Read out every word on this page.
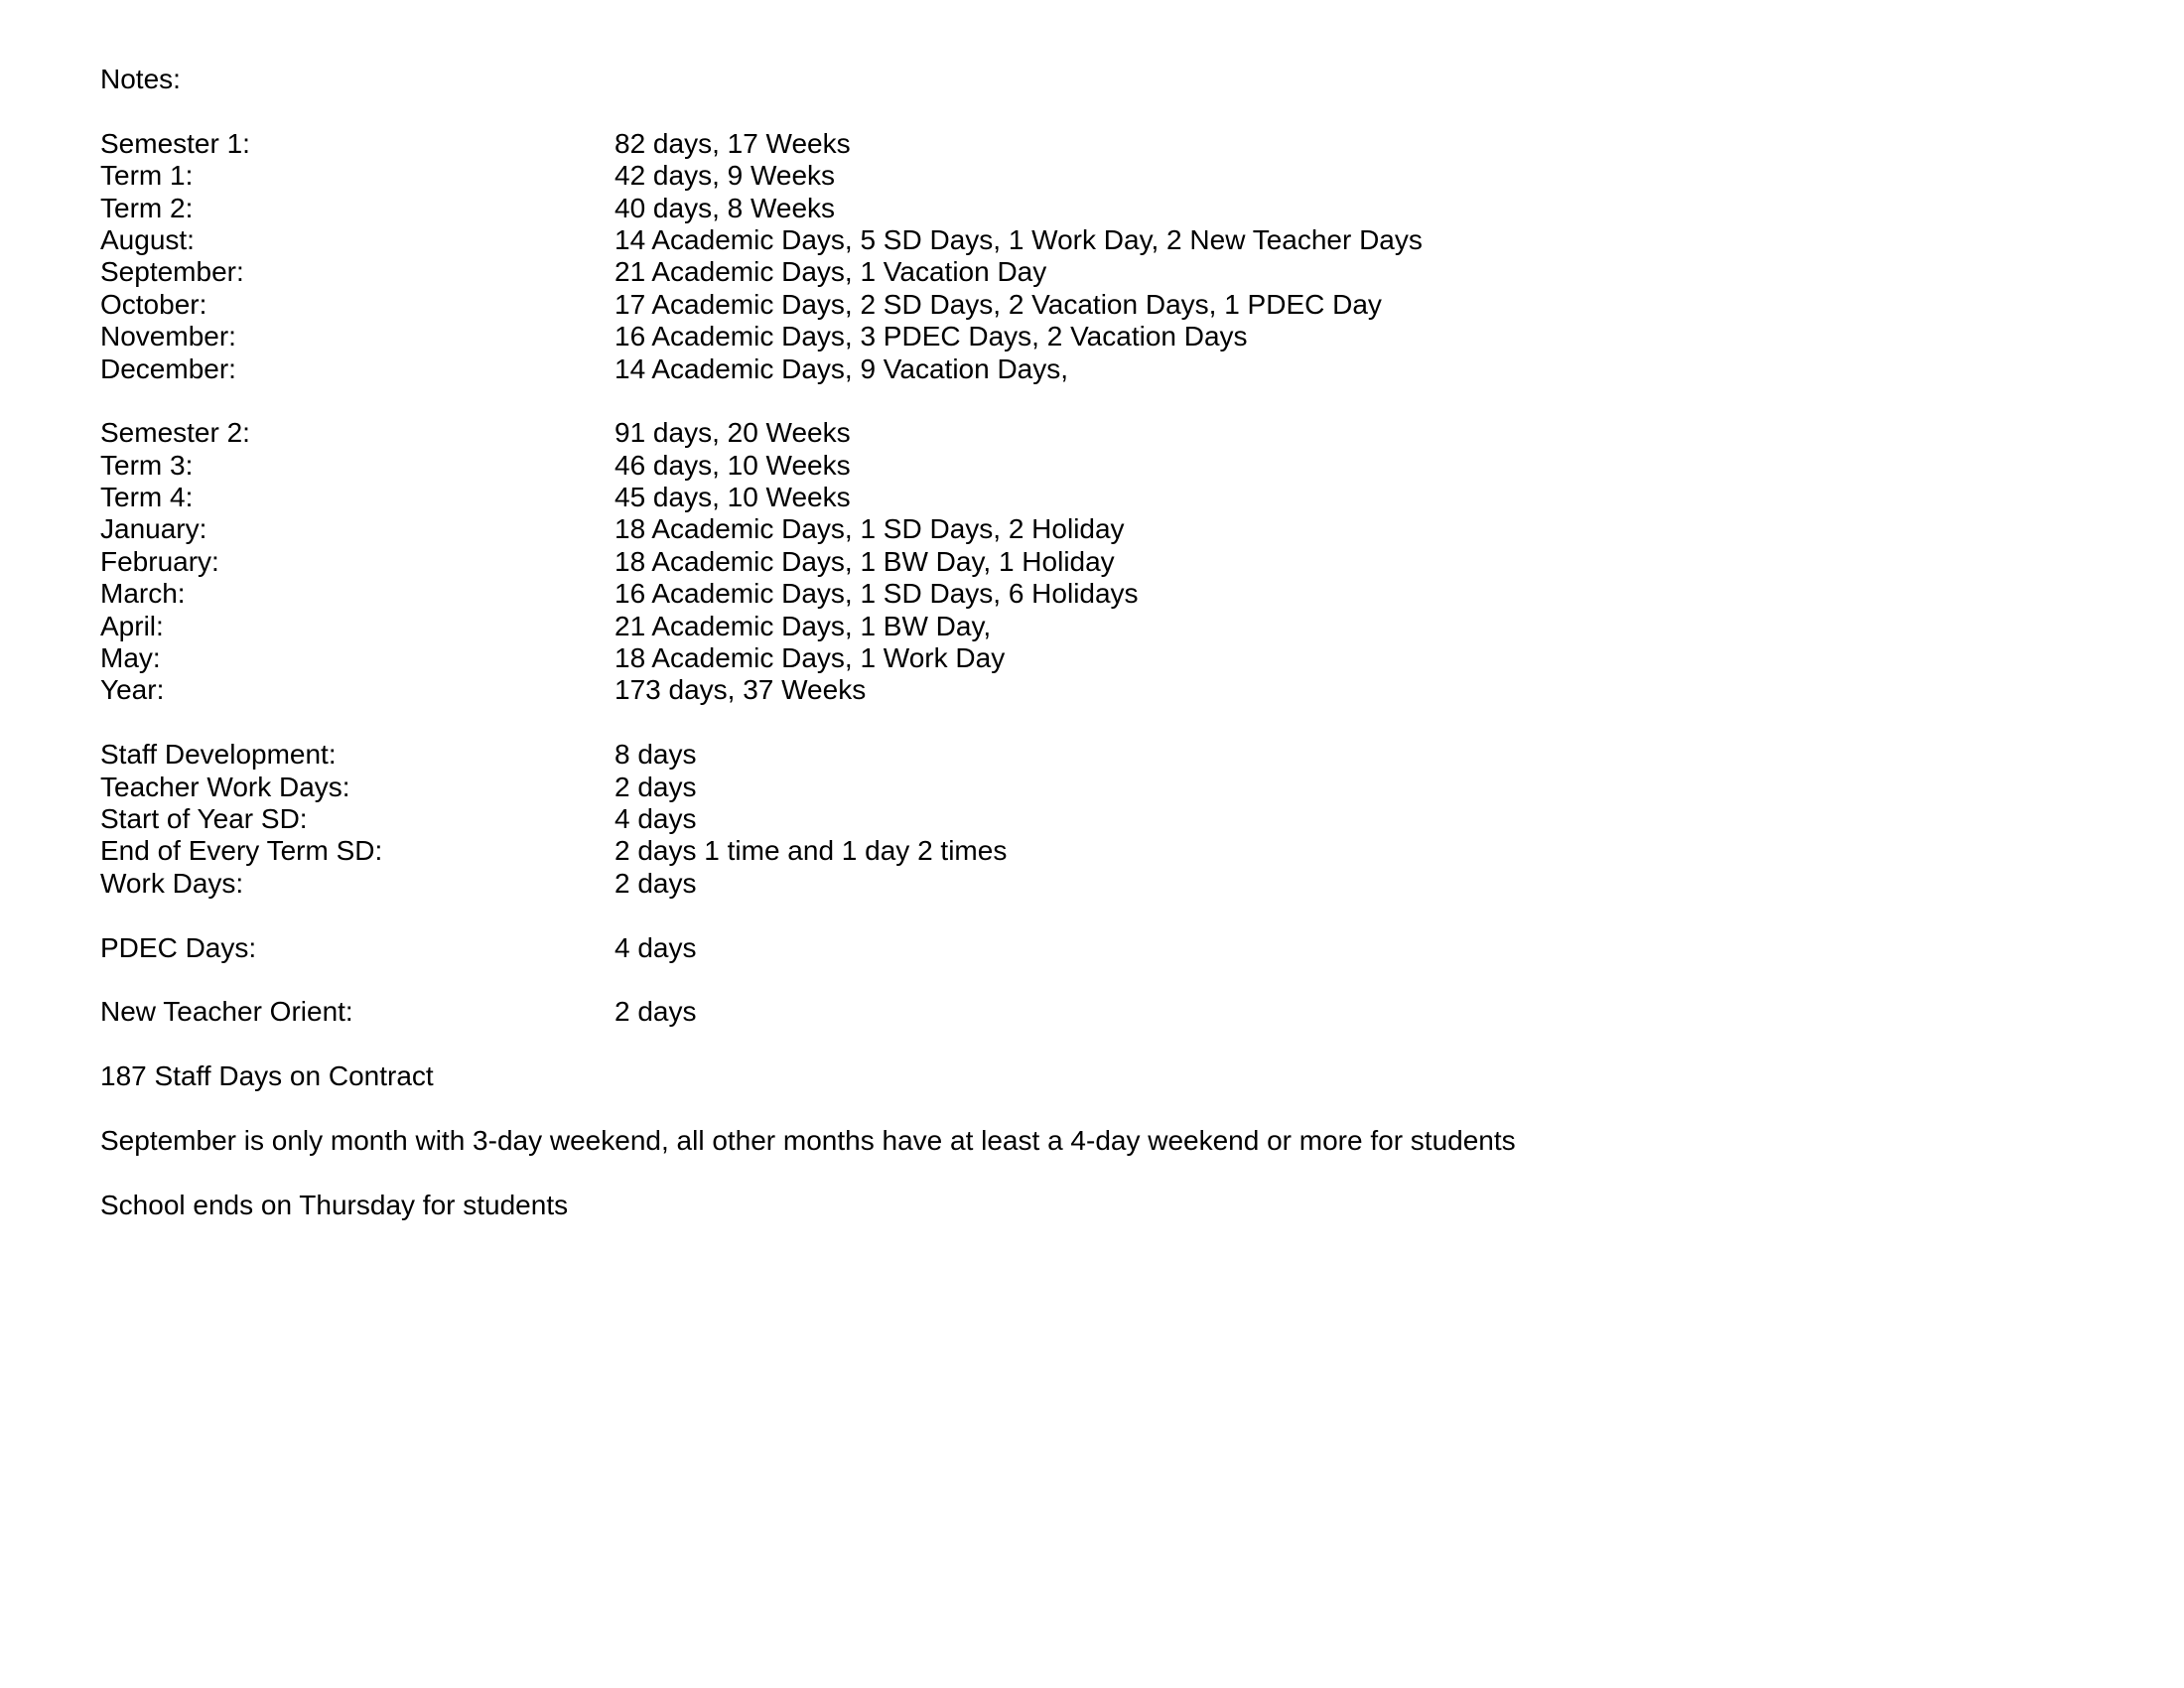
Notes:
Semester 1:	82 days, 17 Weeks
Term 1:	42 days, 9 Weeks
Term 2:	40 days, 8 Weeks
August:	14 Academic Days, 5 SD Days, 1 Work Day, 2 New Teacher Days
September:	21 Academic Days, 1 Vacation Day
October:	17 Academic Days, 2 SD Days, 2 Vacation Days, 1 PDEC Day
November:	16 Academic Days, 3 PDEC Days, 2 Vacation Days
December:	14 Academic Days, 9 Vacation Days,
Semester 2:	91 days, 20 Weeks
Term 3:	46 days, 10 Weeks
Term 4:	45 days, 10 Weeks
January:	18 Academic Days, 1 SD Days, 2 Holiday
February:	18 Academic Days, 1 BW Day, 1 Holiday
March:	16 Academic Days, 1 SD Days, 6 Holidays
April:	21 Academic Days, 1 BW Day,
May:	18 Academic Days, 1 Work Day
Year:	173 days, 37 Weeks
Staff Development:	8 days
Teacher Work Days:	2 days
Start of Year SD:	4 days
End of Every Term SD:	2 days 1 time and 1 day 2 times
Work Days:	2 days
PDEC Days:	4 days
New Teacher Orient:	2 days
187 Staff Days on Contract
September is only month with 3-day weekend, all other months have at least a 4-day weekend or more for students
School ends on Thursday for students
